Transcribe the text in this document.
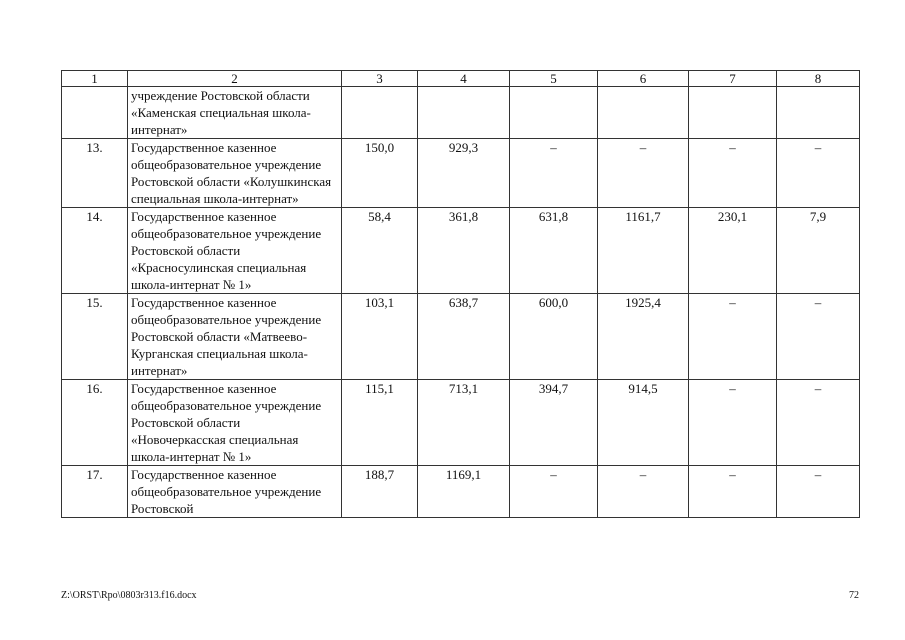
1	2	3	4	5	6	7	8
	учреждение Ростовской области «Каменская специальная школа-интернат»						
13.	Государственное казенное общеобразовательное учреждение Ростовской области «Колушкинская специальная школа-интернат»	150,0	929,3	–	–	–	–
14.	Государственное казенное общеобразовательное учреждение Ростовской области «Красносулинская специальная школа-интернат № 1»	58,4	361,8	631,8	1161,7	230,1	7,9
15.	Государственное казенное общеобразовательное учреждение Ростовской области «Матвеево-Курганская специальная школа-интернат»	103,1	638,7	600,0	1925,4	–	–
16.	Государственное казенное общеобразовательное учреждение Ростовской области «Новочеркасская специальная школа-интернат № 1»	115,1	713,1	394,7	914,5	–	–
17.	Государственное казенное общеобразовательное учреждение Ростовской	188,7	1169,1	–	–	–	–
Z:\ORST\Rpo\0803r313.f16.docx	72
